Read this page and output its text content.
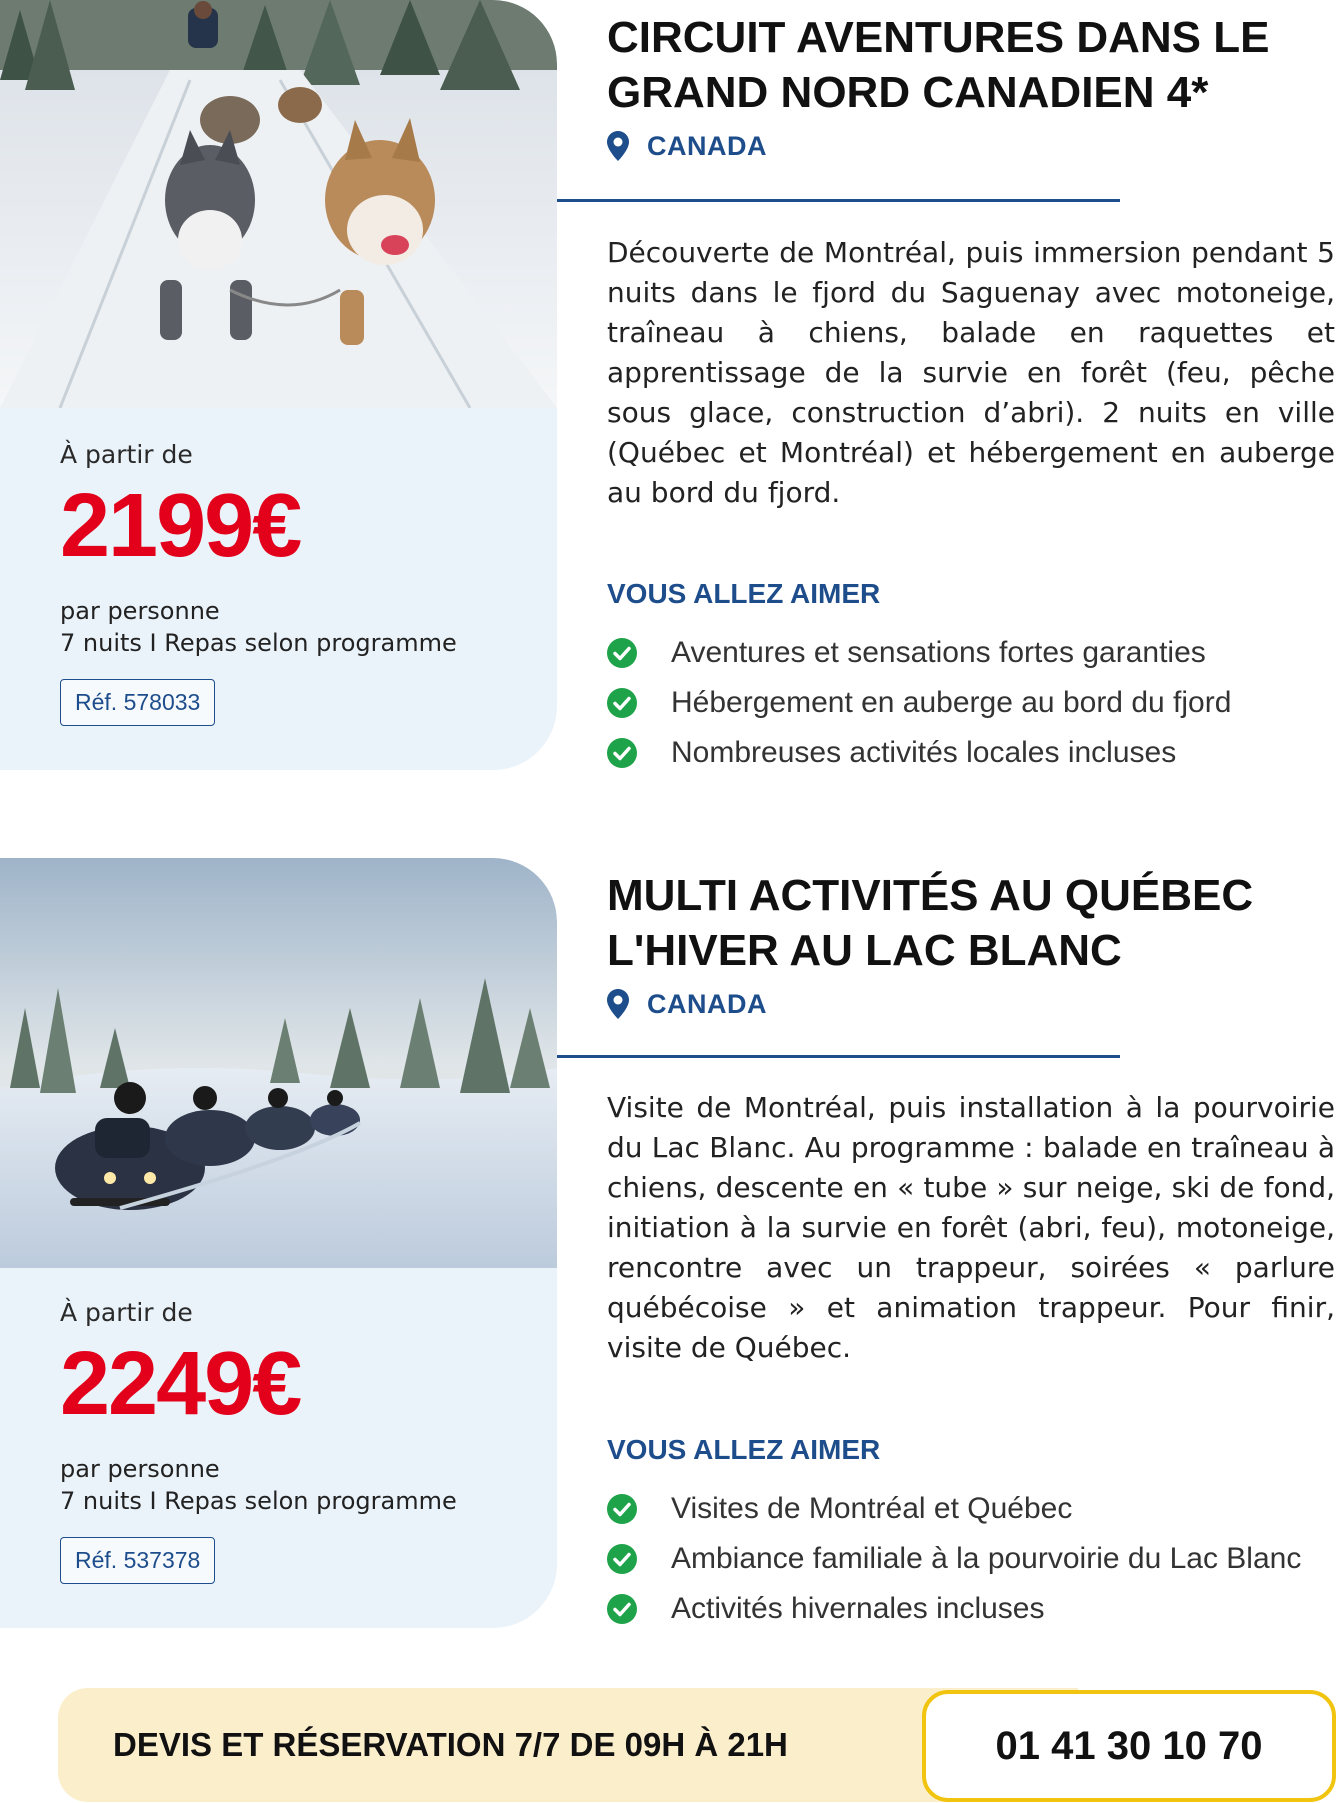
À partir de
2199€
par personne
7 nuits I Repas selon programme
Réf. 578033
CIRCUIT AVENTURES DANS LE
GRAND NORD CANADIEN 4*
CANADA

Découverte de Montréal, puis immersion pendant 5 nuits dans le fjord du Saguenay avec motoneige, traîneau à chiens, balade en raquettes et apprentissage de la survie en forêt (feu, pêche sous glace, construction d’abri). 2 nuits en ville (Québec et Montréal) et hébergement en auberge au bord du fjord.

VOUS ALLEZ AIMER
Aventures et sensations fortes garanties
Hébergement en auberge au bord du fjord
Nombreuses activités locales incluses
À partir de
2249€
par personne
7 nuits I Repas selon programme
Réf. 537378
MULTI ACTIVITÉS AU QUÉBEC
L'HIVER AU LAC BLANC
CANADA

Visite de Montréal, puis installation à la pourvoirie du Lac Blanc. Au programme : balade en traîneau à chiens, descente en « tube » sur neige, ski de fond, initiation à la survie en forêt (abri, feu), motoneige, rencontre avec un trappeur, soirées « parlure québécoise » et animation trappeur. Pour finir, visite de Québec.

VOUS ALLEZ AIMER
Visites de Montréal et Québec
Ambiance familiale à la pourvoirie du Lac Blanc
Activités hivernales incluses
DEVIS ET RÉSERVATION 7/7 DE 09H À 21H	01 41 30 10 70
